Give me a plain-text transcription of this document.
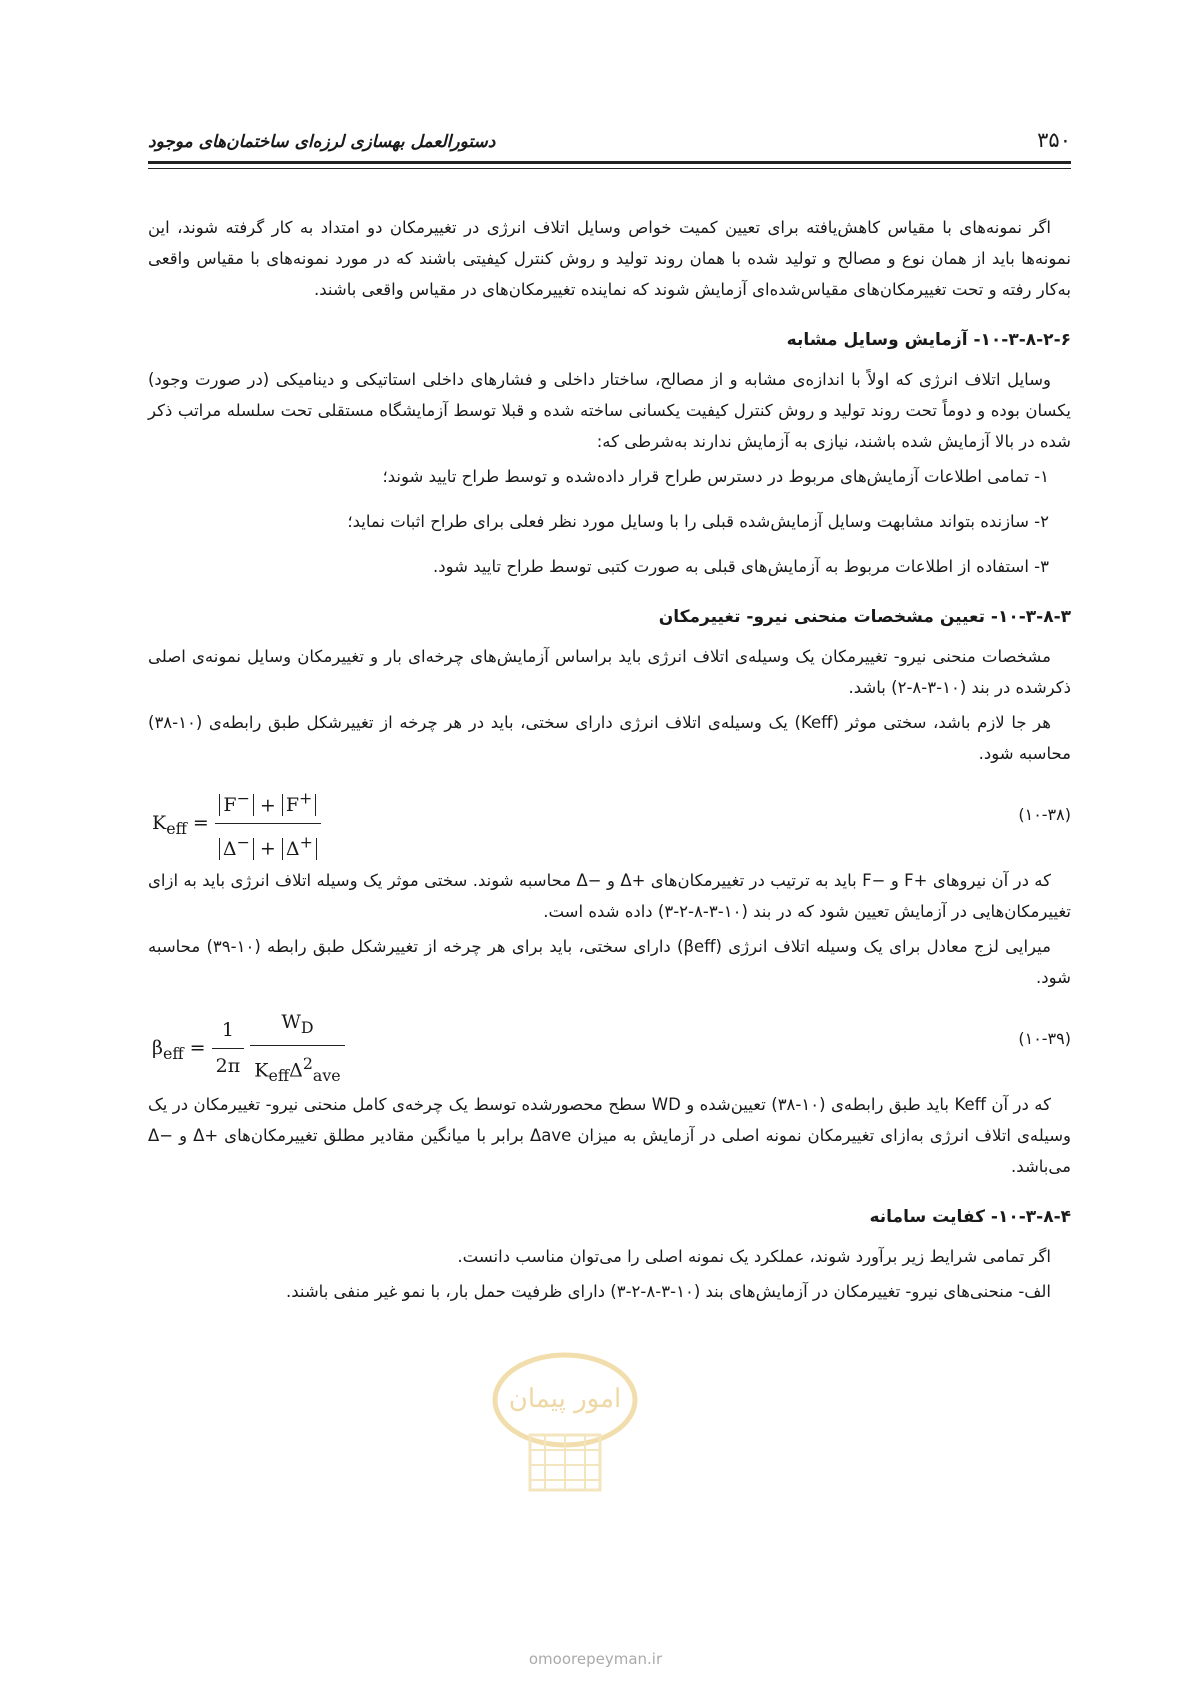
۳۵۰
دستورالعمل بهسازی لرزه‌ای ساختمان‌های موجود

اگر نمونه‌های با مقیاس کاهش‌یافته برای تعیین کمیت خواص وسایل اتلاف انرژی در تغییرمکان دو امتداد به کار گرفته شوند، این نمونه‌ها باید از همان نوع و مصالح و تولید شده با همان روند تولید و روش کنترل کیفیتی باشند که در مورد نمونه‌های با مقیاس واقعی به‌کار رفته و تحت تغییرمکان‌های مقیاس‌شده‌ای آزمایش شوند که نماینده تغییرمکان‌های در مقیاس واقعی باشند.

۱۰-۳-۸-۲-۶- آزمایش وسایل مشابه

وسایل اتلاف انرژی که اولاً با اندازه‌ی مشابه و از مصالح، ساختار داخلی و فشارهای داخلی استاتیکی و دینامیکی (در صورت وجود) یکسان بوده و دوماً تحت روند تولید و روش کنترل کیفیت یکسانی ساخته شده و قبلا توسط آزمایشگاه مستقلی تحت سلسله مراتب ذکر شده در بالا آزمایش شده باشند، نیازی به آزمایش ندارند به‌شرطی که:

۱- تمامی اطلاعات آزمایش‌های مربوط در دسترس طراح قرار داده‌شده و توسط طراح تایید شوند؛
۲- سازنده بتواند مشابهت وسایل آزمایش‌شده قبلی را با وسایل مورد نظر فعلی برای طراح اثبات نماید؛
۳- استفاده از اطلاعات مربوط به آزمایش‌های قبلی به صورت کتبی توسط طراح تایید شود.

۱۰-۳-۸-۳- تعیین مشخصات منحنی نیرو- تغییرمکان

مشخصات منحنی نیرو- تغییرمکان یک وسیله‌ی اتلاف انرژی باید براساس آزمایش‌های چرخه‌ای بار و تغییرمکان وسایل نمونه‌ی اصلی ذکرشده در بند (۱۰-۳-۸-۲) باشد.

هر جا لازم باشد، سختی موثر (Keff) یک وسیله‌ی اتلاف انرژی دارای سختی، باید در هر چرخه از تغییرشکل طبق رابطه‌ی (۱۰-۳۸) محاسبه شود.

$K_{eff} = \frac{F^- + F^+}{\Delta^- + \Delta^+}$	(۱۰-۳۸)

که در آن نیروهای +F و −F باید به ترتیب در تغییرمکان‌های +Δ و −Δ محاسبه شوند. سختی موثر یک وسیله اتلاف انرژی باید به ازای تغییرمکان‌هایی در آزمایش تعیین شود که در بند (۱۰-۳-۸-۲-۳) داده شده است.

میرایی لزج معادل برای یک وسیله اتلاف انرژی (βeff) دارای سختی، باید برای هر چرخه از تغییرشکل طبق رابطه (۱۰-۳۹) محاسبه شود.

$\beta_{eff} = \frac{1}{2\pi}$
$\frac{W_D}{K_{eff}\Delta^2_{ave}}$	(۱۰-۳۹)

که در آن Keff باید طبق رابطه‌ی (۱۰-۳۸) تعیین‌شده و WD سطح محصورشده توسط یک چرخه‌ی کامل منحنی نیرو- تغییرمکان در یک وسیله‌ی اتلاف انرژی به‌ازای تغییرمکان نمونه اصلی در آزمایش به میزان Δave برابر با میانگین مقادیر مطلق تغییرمکان‌های +Δ و −Δ می‌باشد.

۱۰-۳-۸-۴- کفایت سامانه

اگر تمامی شرایط زیر برآورد شوند، عملکرد یک نمونه اصلی را می‌توان مناسب دانست.

الف- منحنی‌های نیرو- تغییرمکان در آزمایش‌های بند (۱۰-۳-۸-۲-۳) دارای ظرفیت حمل بار، با نمو غیر منفی باشند.

امور پیمان
omoorepeyman.ir
